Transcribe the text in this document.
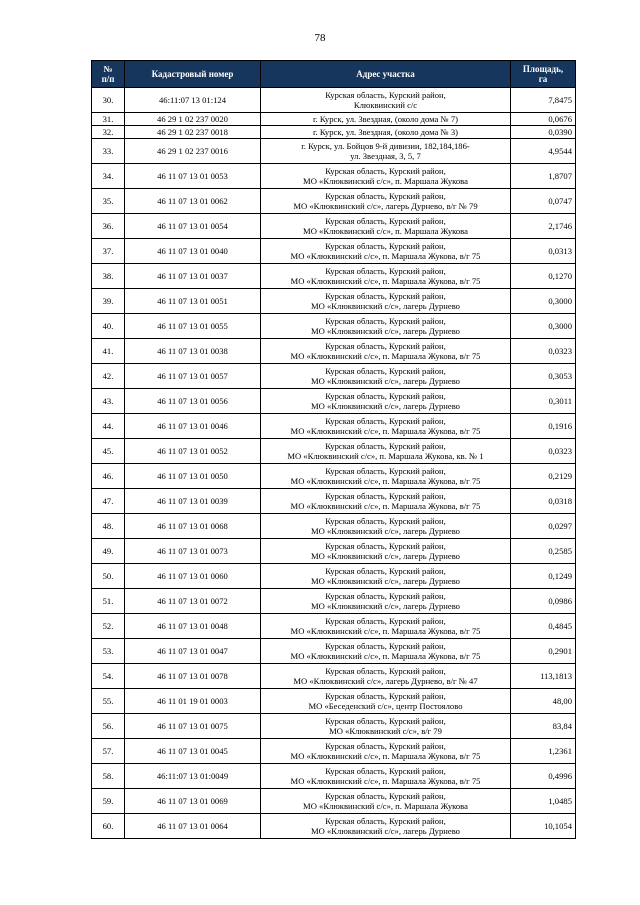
78
№
п/п	Кадастровый номер	Адрес участка	Площадь,
га

30.	46:11:07 13 01:124	Курская область, Курский район,
Клюквинский с/с	7,8475
31.	46 29 1 02 237 0020	г. Курск, ул. Звездная, (около дома № 7)	0,0676
32.	46 29 1 02 237 0018	г. Курск, ул. Звездная, (около дома № 3)	0,0390
33.	46 29 1 02 237 0016	г. Курск, ул. Бойцов 9-й дивизии, 182,184,186-
ул. Звездная, 3, 5, 7	4,9544
34.	46 11 07 13 01 0053	Курская область, Курский район,
МО «Клюквинский с/с», п. Маршала Жукова	1,8707
35.	46 11 07 13 01 0062	Курская область, Курский район,
МО «Клюквинский с/с», лагерь Дурнево, в/г № 79	0,0747
36.	46 11 07 13 01 0054	Курская область, Курский район,
МО «Клюквинский с/с», п. Маршала Жукова	2,1746
37.	46 11 07 13 01 0040	Курская область, Курский район,
МО «Клюквинский с/с», п. Маршала Жукова, в/г 75	0,0313
38.	46 11 07 13 01 0037	Курская область, Курский район,
МО «Клюквинский с/с», п. Маршала Жукова, в/г 75	0,1270
39.	46 11 07 13 01 0051	Курская область, Курский район,
МО «Клюквинский с/с», лагерь Дурнево	0,3000
40.	46 11 07 13 01 0055	Курская область, Курский район,
МО «Клюквинский с/с», лагерь Дурнево	0,3000
41.	46 11 07 13 01 0038	Курская область, Курский район,
МО «Клюквинский с/с», п. Маршала Жукова, в/г 75	0,0323
42.	46 11 07 13 01 0057	Курская область, Курский район,
МО «Клюквинский с/с», лагерь Дурнево	0,3053
43.	46 11 07 13 01 0056	Курская область, Курский район,
МО «Клюквинский с/с», лагерь Дурнево	0,3011
44.	46 11 07 13 01 0046	Курская область, Курский район,
МО «Клюквинский с/с», п. Маршала Жукова, в/г 75	0,1916
45.	46 11 07 13 01 0052	Курская область, Курский район,
МО «Клюквинский с/с», п. Маршала Жукова, кв. № 1	0,0323
46.	46 11 07 13 01 0050	Курская область, Курский район,
МО «Клюквинский с/с», п. Маршала Жукова, в/г 75	0,2129
47.	46 11 07 13 01 0039	Курская область, Курский район,
МО «Клюквинский с/с», п. Маршала Жукова, в/г 75	0,0318
48.	46 11 07 13 01 0068	Курская область, Курский район,
МО «Клюквинский с/с», лагерь Дурнево	0,0297
49.	46 11 07 13 01 0073	Курская область, Курский район,
МО «Клюквинский с/с», лагерь Дурнево	0,2585
50.	46 11 07 13 01 0060	Курская область, Курский район,
МО «Клюквинский с/с», лагерь Дурнево	0,1249
51.	46 11 07 13 01 0072	Курская область, Курский район,
МО «Клюквинский с/с», лагерь Дурнево	0,0986
52.	46 11 07 13 01 0048	Курская область, Курский район,
МО «Клюквинский с/с», п. Маршала Жукова, в/г 75	0,4845
53.	46 11 07 13 01 0047	Курская область, Курский район,
МО «Клюквинский с/с», п. Маршала Жукова, в/г 75	0,2901
54.	46 11 07 13 01 0078	Курская область, Курский район,
МО «Клюквинский с/с», лагерь Дурнево, в/г № 47	113,1813
55.	46 11 01 19 01 0003	Курская область, Курский район,
МО «Беседенский с/с», центр Постоялово	48,00
56.	46 11 07 13 01 0075	Курская область, Курский район,
МО «Клюквинский с/с», в/г 79	83,84
57.	46 11 07 13 01 0045	Курская область, Курский район,
МО «Клюквинский с/с», п. Маршала Жукова, в/г 75	1,2361
58.	46:11:07 13 01:0049	Курская область, Курский район,
МО «Клюквинский с/с», п. Маршала Жукова, в/г 75	0,4996
59.	46 11 07 13 01 0069	Курская область, Курский район,
МО «Клюквинский с/с», п. Маршала Жукова	1,0485
60.	46 11 07 13 01 0064	Курская область, Курский район,
МО «Клюквинский с/с», лагерь Дурнево	10,1054
